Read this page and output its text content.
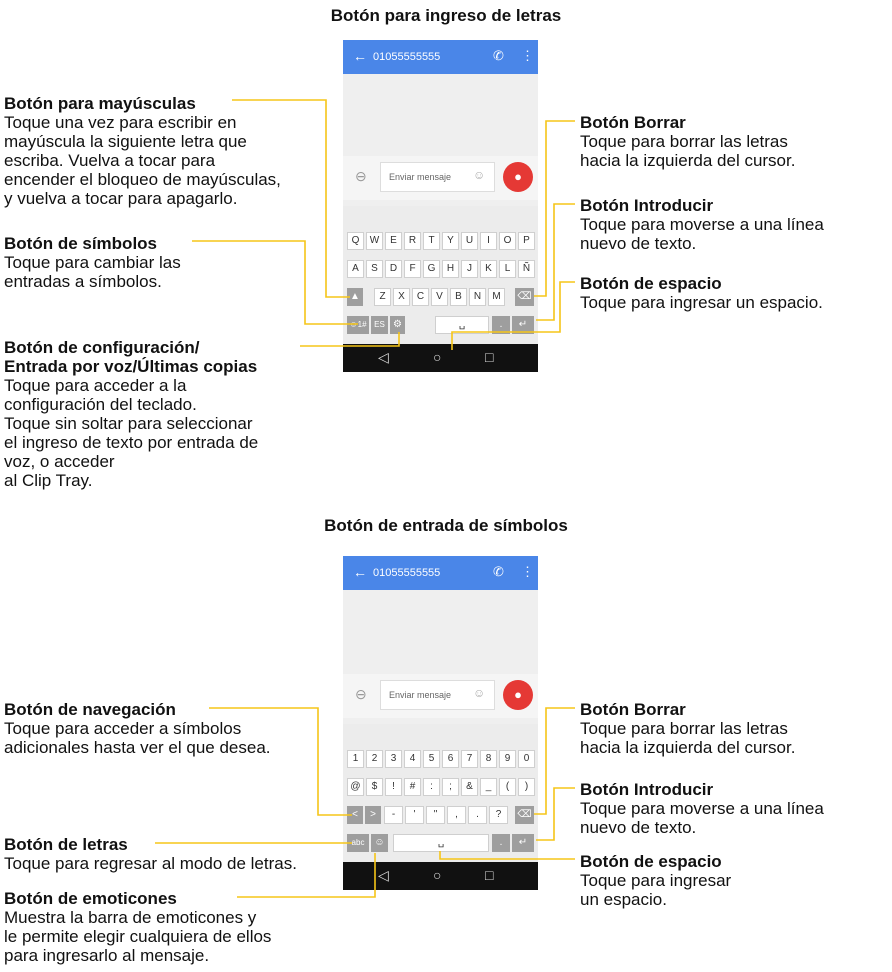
Botón para ingreso de letras
Botón de entrada de símbolos
← 01055555555	✆ ⋮
⊖	Enviar mensaje	☺	●
Q	W	E	R	T	Y	U	I	O	P
A	S	D	F	G	H	J	K	L	Ñ
Z	X	C	V	B	N	M
▲	⌫
☺1# ES ⚙	␣	.	↵
◁	○	□
← 01055555555	✆ ⋮
⊖	Enviar mensaje	☺	●
1	2	3	4	5	6	7	8	9	0
@	$	!	#	:	;	&	_	(	)
-	'	"	,	.	?
<	>	⌫
abc ☺	␣	.	↵
◁	○	□
Botón para mayúsculas
Toque una vez para escribir en
mayúscula la siguiente letra que
escriba. Vuelva a tocar para
encender el bloqueo de mayúsculas,
y vuelva a tocar para apagarlo.
Botón de símbolos
Toque para cambiar las
entradas a símbolos.
Botón de configuración/
Entrada por voz/Últimas copias
Toque para acceder a la
configuración del teclado.
Toque sin soltar para seleccionar
el ingreso de texto por entrada de
voz, o acceder
al Clip Tray.
Botón Borrar
Toque para borrar las letras
hacia la izquierda del cursor.
Botón Introducir
Toque para moverse a una línea
nuevo de texto.
Botón de espacio
Toque para ingresar un espacio.
Botón de navegación
Toque para acceder a símbolos
adicionales hasta ver el que desea.
Botón de letras
Toque para regresar al modo de letras.
Botón de emoticones
Muestra la barra de emoticones y
le permite elegir cualquiera de ellos
para ingresarlo al mensaje.
Botón Borrar
Toque para borrar las letras
hacia la izquierda del cursor.
Botón Introducir
Toque para moverse a una línea
nuevo de texto.
Botón de espacio
Toque para ingresar
un espacio.
